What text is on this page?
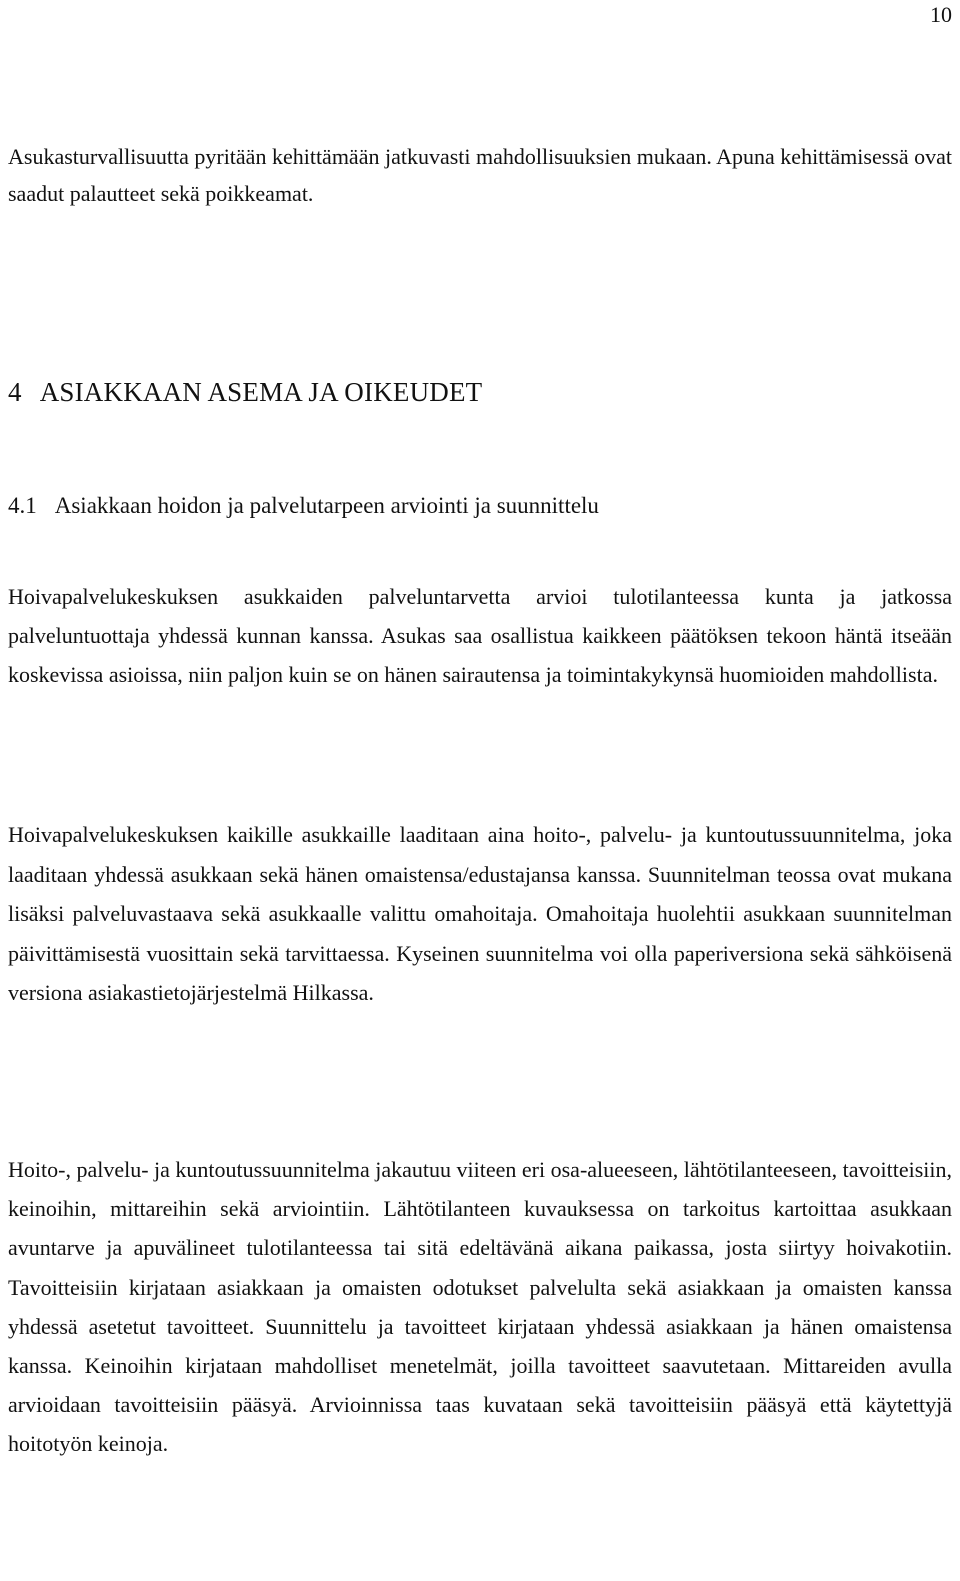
10

Asukasturvallisuutta pyritään kehittämään jatkuvasti mahdollisuuksien mukaan. Apuna kehittämisessä ovat saadut palautteet sekä poikkeamat.

4 ASIAKKAAN ASEMA JA OIKEUDET
4.1 Asiakkaan hoidon ja palvelutarpeen arviointi ja suunnittelu

Hoivapalvelukeskuksen asukkaiden palveluntarvetta arvioi tulotilanteessa kunta ja jatkossa palveluntuottaja yhdessä kunnan kanssa. Asukas saa osallistua kaikkeen päätöksen tekoon häntä itseään koskevissa asioissa, niin paljon kuin se on hänen sairautensa ja toimintakykynsä huomioiden mahdollista.

Hoivapalvelukeskuksen kaikille asukkaille laaditaan aina hoito-, palvelu- ja kuntoutussuunnitelma, joka laaditaan yhdessä asukkaan sekä hänen omaistensa/edustajansa kanssa. Suunnitelman teossa ovat mukana lisäksi palveluvastaava sekä asukkaalle valittu omahoitaja. Omahoitaja huolehtii asukkaan suunnitelman päivittämisestä vuosittain sekä tarvittaessa. Kyseinen suunnitelma voi olla paperiversiona sekä sähköisenä versiona asiakastietojärjestelmä Hilkassa.

Hoito-, palvelu- ja kuntoutussuunnitelma jakautuu viiteen eri osa-alueeseen, lähtötilanteeseen, tavoitteisiin, keinoihin, mittareihin sekä arviointiin. Lähtötilanteen kuvauksessa on tarkoitus kartoittaa asukkaan avuntarve ja apuvälineet tulotilanteessa tai sitä edeltävänä aikana paikassa, josta siirtyy hoivakotiin. Tavoitteisiin kirjataan asiakkaan ja omaisten odotukset palvelulta sekä asiakkaan ja omaisten kanssa yhdessä asetetut tavoitteet. Suunnittelu ja tavoitteet kirjataan yhdessä asiakkaan ja hänen omaistensa kanssa. Keinoihin kirjataan mahdolliset menetelmät, joilla tavoitteet saavutetaan. Mittareiden avulla arvioidaan tavoitteisiin pääsyä. Arvioinnissa taas kuvataan sekä tavoitteisiin pääsyä että käytettyjä hoitotyön keinoja.
